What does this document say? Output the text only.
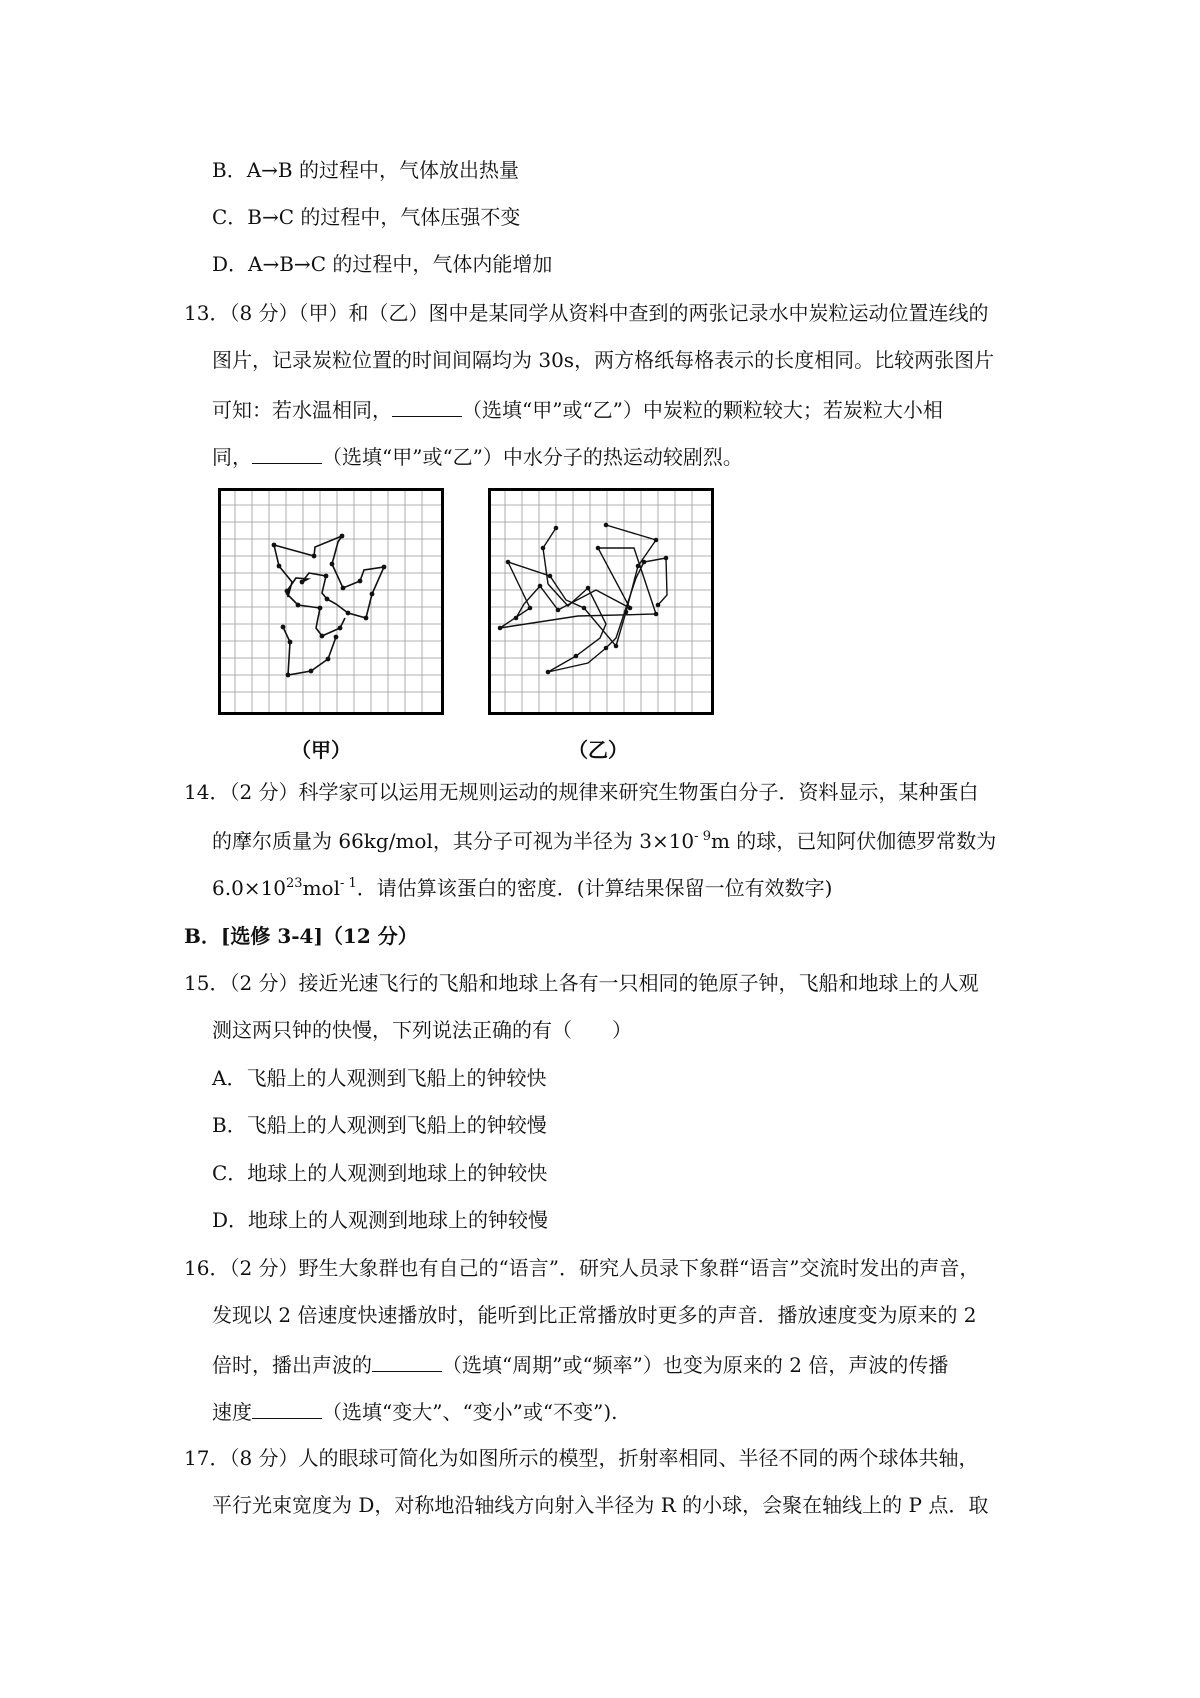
B．A→B 的过程中，气体放出热量
C．B→C 的过程中，气体压强不变
D．A→B→C 的过程中，气体内能增加
13．（8 分）（甲）和（乙）图中是某同学从资料中查到的两张记录水中炭粒运动位置连线的
图片，记录炭粒位置的时间间隔均为 30s，两方格纸每格表示的长度相同。比较两张图片
可知：若水温相同，	（选填“甲”或“乙”）中炭粒的颗粒较大；若炭粒大小相
同，	（选填“甲”或“乙”）中水分子的热运动较剧烈。
（甲）	（乙）
14．（2 分）科学家可以运用无规则运动的规律来研究生物蛋白分子．资料显示，某种蛋白
的摩尔质量为 66kg/mol，其分子可视为半径为 $3\times 10^{- 9}m$ 的球，已知阿伏伽德罗常数为
$6.0\times 10^{23}mol^{- 1}$．请估算该蛋白的密度．(计算结果保留一位有效数字)
B．[选修 3-4]（12 分）
15．（2 分）接近光速飞行的飞船和地球上各有一只相同的铯原子钟，飞船和地球上的人观
测这两只钟的快慢，下列说法正确的有（　　）
A．飞船上的人观测到飞船上的钟较快
B．飞船上的人观测到飞船上的钟较慢
C．地球上的人观测到地球上的钟较快
D．地球上的人观测到地球上的钟较慢
16．（2 分）野生大象群也有自己的“语言”．研究人员录下象群“语言”交流时发出的声音，
发现以 2 倍速度快速播放时，能听到比正常播放时更多的声音．播放速度变为原来的 2
倍时，播出声波的	（选填“周期”或“频率”）也变为原来的 2 倍，声波的传播
速度	（选填“变大”、“变小”或“不变”).
17．（8 分）人的眼球可简化为如图所示的模型，折射率相同、半径不同的两个球体共轴，
平行光束宽度为 D，对称地沿轴线方向射入半径为 R 的小球，会聚在轴线上的 P 点．取
